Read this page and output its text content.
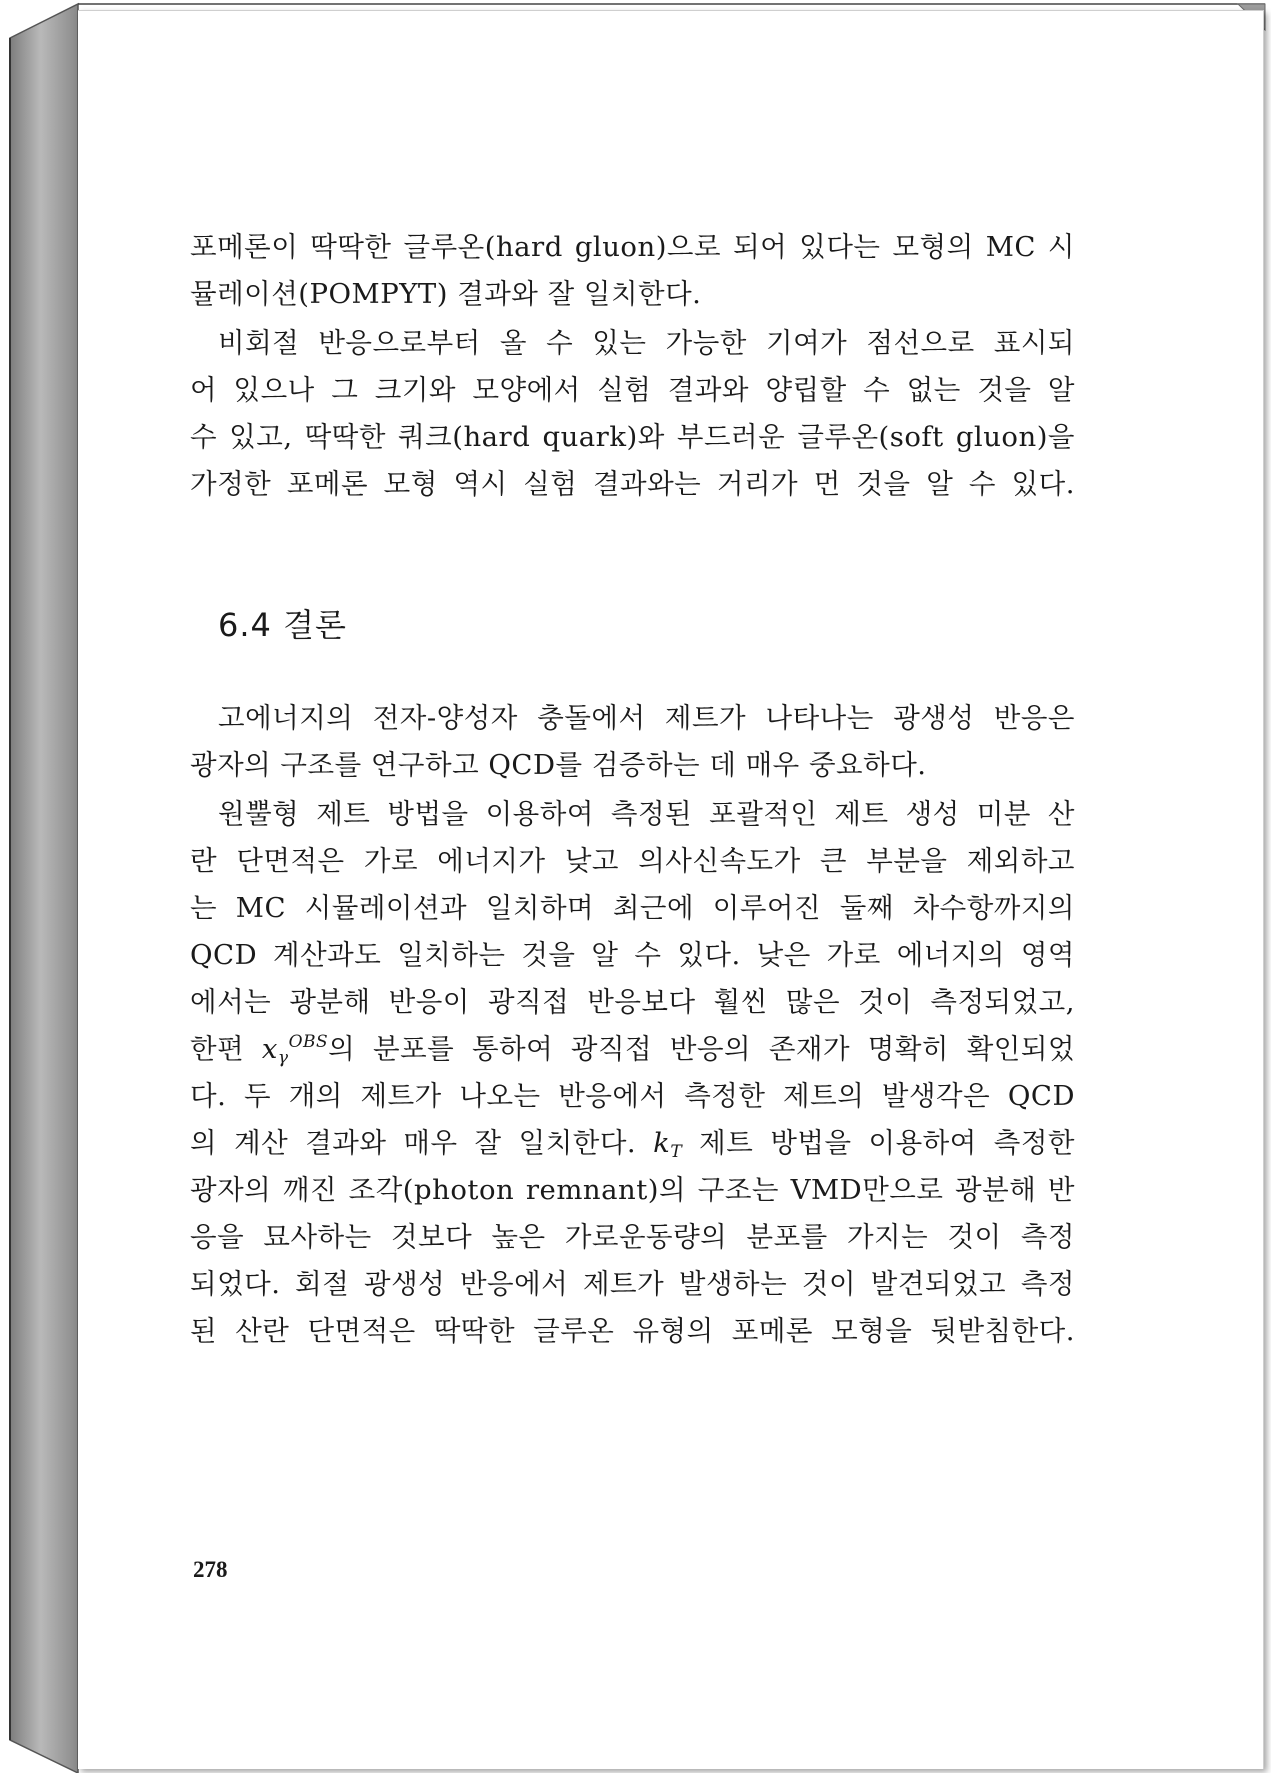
포메론이 딱딱한 글루온(hard gluon)으로 되어 있다는 모형의 MC 시

뮬레이션(POMPYT) 결과와 잘 일치한다.

비회절 반응으로부터 올 수 있는 가능한 기여가 점선으로 표시되

어 있으나 그 크기와 모양에서 실험 결과와 양립할 수 없는 것을 알

수 있고, 딱딱한 쿼크(hard quark)와 부드러운 글루온(soft gluon)을

가정한 포메론 모형 역시 실험 결과와는 거리가 먼 것을 알 수 있다.

6.4 결론

고에너지의 전자-양성자 충돌에서 제트가 나타나는 광생성 반응은

광자의 구조를 연구하고 QCD를 검증하는 데 매우 중요하다.

원뿔형 제트 방법을 이용하여 측정된 포괄적인 제트 생성 미분 산

란 단면적은 가로 에너지가 낮고 의사신속도가 큰 부분을 제외하고

는 MC 시뮬레이션과 일치하며 최근에 이루어진 둘째 차수항까지의

QCD 계산과도 일치하는 것을 알 수 있다. 낮은 가로 에너지의 영역

에서는 광분해 반응이 광직접 반응보다 훨씬 많은 것이 측정되었고,

한편 $x_\gamma^{OBS}$의 분포를 통하여 광직접 반응의 존재가 명확히 확인되었

다. 두 개의 제트가 나오는 반응에서 측정한 제트의 발생각은 QCD

의 계산 결과와 매우 잘 일치한다. $k_T$ 제트 방법을 이용하여 측정한

광자의 깨진 조각(photon remnant)의 구조는 VMD만으로 광분해 반

응을 묘사하는 것보다 높은 가로운동량의 분포를 가지는 것이 측정

되었다. 회절 광생성 반응에서 제트가 발생하는 것이 발견되었고 측정

된 산란 단면적은 딱딱한 글루온 유형의 포메론 모형을 뒷받침한다.

278
